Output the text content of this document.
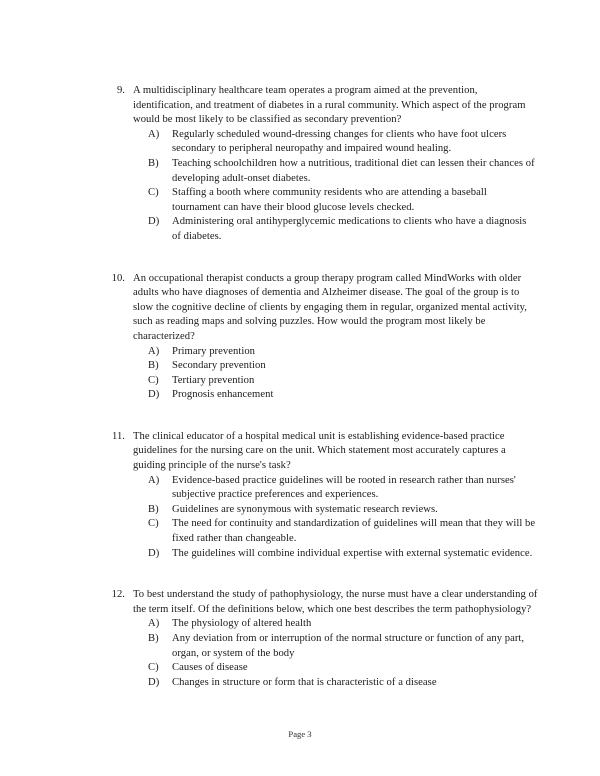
9. A multidisciplinary healthcare team operates a program aimed at the prevention, identification, and treatment of diabetes in a rural community. Which aspect of the program would be most likely to be classified as secondary prevention?
A)	Regularly scheduled wound-dressing changes for clients who have foot ulcers secondary to peripheral neuropathy and impaired wound healing.
B)	Teaching schoolchildren how a nutritious, traditional diet can lessen their chances of developing adult-onset diabetes.
C)	Staffing a booth where community residents who are attending a baseball tournament can have their blood glucose levels checked.
D)	Administering oral antihyperglycemic medications to clients who have a diagnosis of diabetes.
10. An occupational therapist conducts a group therapy program called MindWorks with older adults who have diagnoses of dementia and Alzheimer disease. The goal of the group is to slow the cognitive decline of clients by engaging them in regular, organized mental activity, such as reading maps and solving puzzles. How would the program most likely be characterized?
A)	Primary prevention
B)	Secondary prevention
C)	Tertiary prevention
D)	Prognosis enhancement
11. The clinical educator of a hospital medical unit is establishing evidence-based practice guidelines for the nursing care on the unit. Which statement most accurately captures a guiding principle of the nurse's task?
A)	Evidence-based practice guidelines will be rooted in research rather than nurses' subjective practice preferences and experiences.
B)	Guidelines are synonymous with systematic research reviews.
C)	The need for continuity and standardization of guidelines will mean that they will be fixed rather than changeable.
D)	The guidelines will combine individual expertise with external systematic evidence.
12. To best understand the study of pathophysiology, the nurse must have a clear understanding of the term itself. Of the definitions below, which one best describes the term pathophysiology?
A)	The physiology of altered health
B)	Any deviation from or interruption of the normal structure or function of any part, organ, or system of the body
C)	Causes of disease
D)	Changes in structure or form that is characteristic of a disease
Page 3
